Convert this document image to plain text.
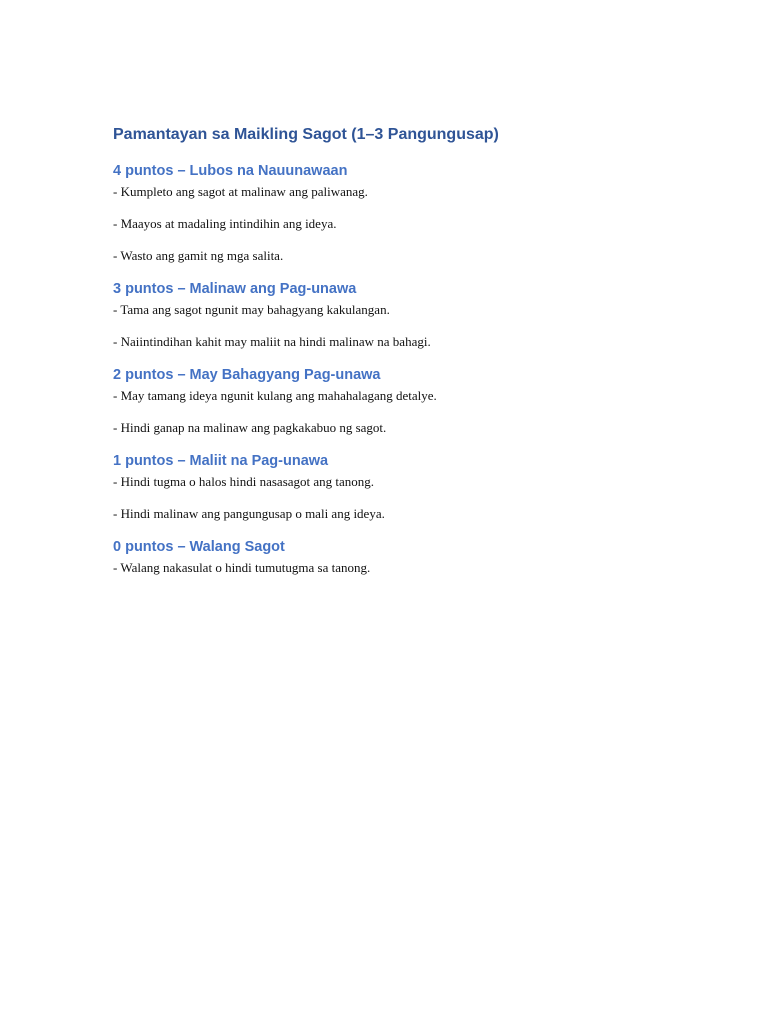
Pamantayan sa Maikling Sagot (1–3 Pangungusap)
4 puntos – Lubos na Nauunawaan

- Kumpleto ang sagot at malinaw ang paliwanag.

- Maayos at madaling intindihin ang ideya.

- Wasto ang gamit ng mga salita.

3 puntos – Malinaw ang Pag-unawa

- Tama ang sagot ngunit may bahagyang kakulangan.

- Naiintindihan kahit may maliit na hindi malinaw na bahagi.

2 puntos – May Bahagyang Pag-unawa

- May tamang ideya ngunit kulang ang mahahalagang detalye.

- Hindi ganap na malinaw ang pagkakabuo ng sagot.

1 puntos – Maliit na Pag-unawa

- Hindi tugma o halos hindi nasasagot ang tanong.

- Hindi malinaw ang pangungusap o mali ang ideya.

0 puntos – Walang Sagot

- Walang nakasulat o hindi tumutugma sa tanong.
